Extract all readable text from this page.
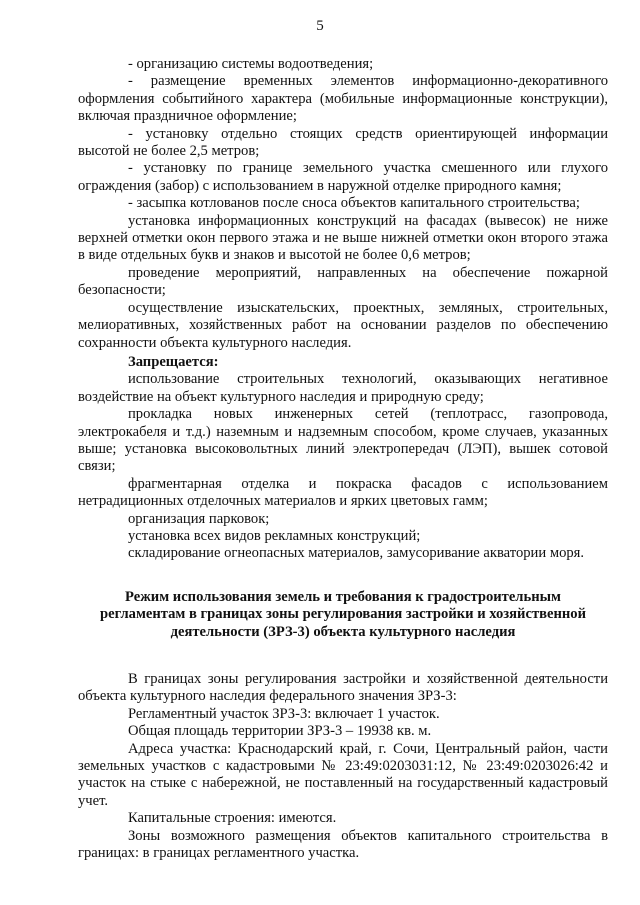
5

- организацию системы водоотведения;

- размещение временных элементов информационно-декоративного оформления событийного характера (мобильные информационные конструкции), включая праздничное оформление;

- установку отдельно стоящих средств ориентирующей информации высотой не более 2,5 метров;

- установку по границе земельного участка смешенного или глухого ограждения (забор) с использованием в наружной отделке природного камня;

- засыпка котлованов после сноса объектов капитального строительства;

установка информационных конструкций на фасадах (вывесок) не ниже верхней отметки окон первого этажа и не выше нижней отметки окон второго этажа в виде отдельных букв и знаков и высотой не более 0,6 метров;

проведение мероприятий, направленных на обеспечение пожарной безопасности;

осуществление изыскательских, проектных, земляных, строительных, мелиоративных, хозяйственных работ на основании разделов по обеспечению сохранности объекта культурного наследия.

Запрещается:

использование строительных технологий, оказывающих негативное воздействие на объект культурного наследия и природную среду;

прокладка новых инженерных сетей (теплотрасс, газопровода, электрокабеля и т.д.) наземным и надземным способом, кроме случаев, указанных выше; установка высоковольтных линий электропередач (ЛЭП), вышек сотовой связи;

фрагментарная отделка и покраска фасадов с использованием нетрадиционных отделочных материалов и ярких цветовых гамм;

организация парковок;

установка всех видов рекламных конструкций;

складирование огнеопасных материалов, замусоривание акватории моря.

Режим использования земель и требования к градостроительным
регламентам в границах зоны регулирования застройки и хозяйственной
деятельности (ЗРЗ-3) объекта культурного наследия

В границах зоны регулирования застройки и хозяйственной деятельности объекта культурного наследия федерального значения ЗРЗ-3:

Регламентный участок ЗРЗ-3: включает 1 участок.

Общая площадь территории ЗРЗ-3 – 19938 кв. м.

Адреса участка: Краснодарский край, г. Сочи, Центральный район, части земельных участков с кадастровыми № 23:49:0203031:12, № 23:49:0203026:42 и участок на стыке с набережной, не поставленный на государственный кадастровый учет.

Капитальные строения: имеются.

Зоны возможного размещения объектов капитального строительства в границах: в границах регламентного участка.
